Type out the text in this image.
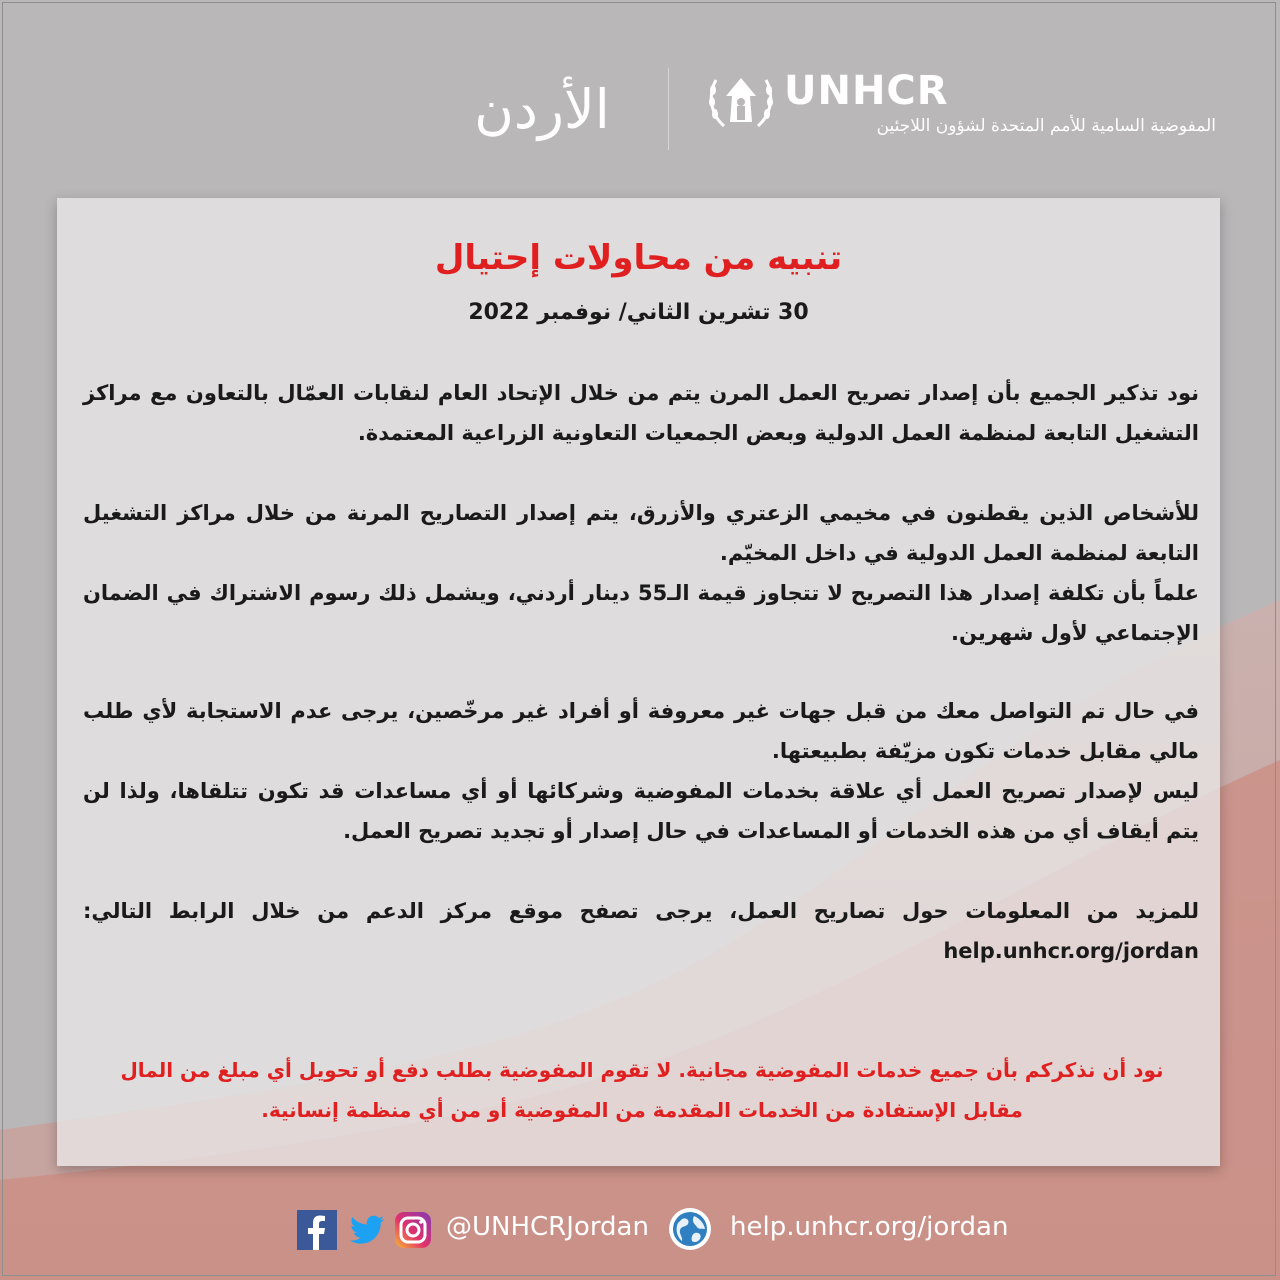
الأردن	UNHCR
المفوضية السامية للأمم المتحدة لشؤون اللاجئين
تنبيه من محاولات إحتيال
30 تشرين الثاني/ نوفمبر 2022

نود تذكير الجميع بأن إصدار تصريح العمل المرن يتم من خلال الإتحاد العام لنقابات العمّال بالتعاون مع مراكز التشغيل التابعة لمنظمة العمل الدولية وبعض الجمعيات التعاونية الزراعية المعتمدة.

للأشخاص الذين يقطنون في مخيمي الزعتري والأزرق، يتم إصدار التصاريح المرنة من خلال مراكز التشغيل التابعة لمنظمة العمل الدولية في داخل المخيّم.

علماً بأن تكلفة إصدار هذا التصريح لا تتجاوز قيمة الـ55 دينار أردني، ويشمل ذلك رسوم الاشتراك في الضمان الإجتماعي لأول شهرين.

في حال تم التواصل معك من قبل جهات غير معروفة أو أفراد غير مرخّصين، يرجى عدم الاستجابة لأي طلب مالي مقابل خدمات تكون مزيّفة بطبيعتها.

ليس لإصدار تصريح العمل أي علاقة بخدمات المفوضية وشركائها أو أي مساعدات قد تكون تتلقاها، ولذا لن يتم أيقاف أي من هذه الخدمات أو المساعدات في حال إصدار أو تجديد تصريح العمل.

للمزيد من المعلومات حول تصاريح العمل، يرجى تصفح موقع مركز الدعم من خلال الرابط التالي: help.unhcr.org/jordan

نود أن نذكركم بأن جميع خدمات المفوضية مجانية. لا تقوم المفوضية بطلب دفع أو تحويل أي مبلغ من المال
مقابل الإستفادة من الخدمات المقدمة من المفوضية أو من أي منظمة إنسانية.
@UNHCRJordan	help.unhcr.org/jordan
